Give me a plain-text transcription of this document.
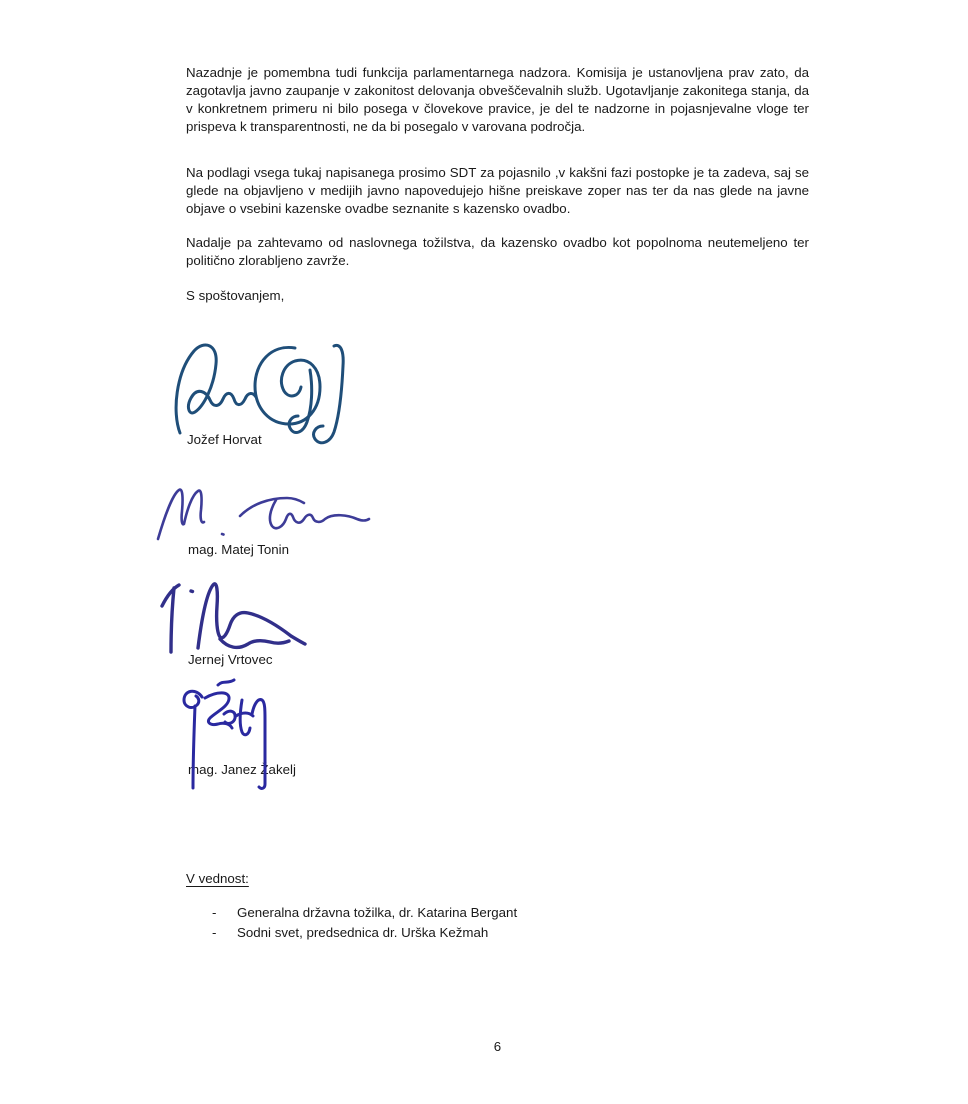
Nazadnje je pomembna tudi funkcija parlamentarnega nadzora. Komisija je ustanovljena prav zato, da zagotavlja javno zaupanje v zakonitost delovanja obveščevalnih služb. Ugotavljanje zakonitega stanja, da v konkretnem primeru ni bilo posega v človekove pravice, je del te nadzorne in pojasnjevalne vloge ter prispeva k transparentnosti, ne da bi posegalo v varovana področja.
Na podlagi vsega tukaj napisanega prosimo SDT za pojasnilo ,v kakšni fazi postopke je ta zadeva, saj se glede na objavljeno v medijih javno napovedujejo hišne preiskave zoper nas ter da nas glede na javne objave o vsebini kazenske ovadbe seznanite s kazensko ovadbo.
Nadalje pa zahtevamo od naslovnega tožilstva, da kazensko ovadbo kot popolnoma neutemeljeno ter politično zlorabljeno zavrže.
S spoštovanjem,
Jožef Horvat
mag. Matej Tonin
Jernej Vrtovec
mag. Janez Žakelj
V vednost:
-	Generalna državna tožilka, dr. Katarina Bergant
-	Sodni svet, predsednica dr. Urška Kežmah
6
